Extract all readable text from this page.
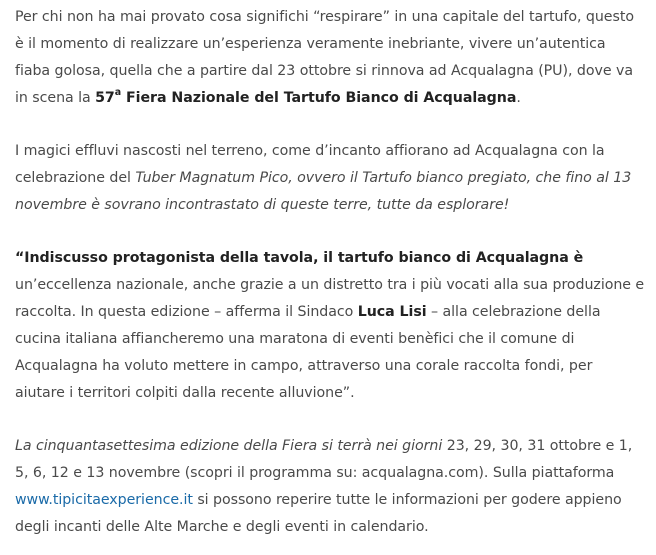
Per chi non ha mai provato cosa significhi “respirare” in una capitale del tartufo, questo è il momento di realizzare un’esperienza veramente inebriante, vivere un’autentica fiaba golosa, quella che a partire dal 23 ottobre si rinnova ad Acqualagna (PU), dove va in scena la 57$^a$ Fiera Nazionale del Tartufo Bianco di Acqualagna.

I magici effluvi nascosti nel terreno, come d’incanto affiorano ad Acqualagna con la celebrazione del Tuber Magnatum Pico, ovvero il Tartufo bianco pregiato, che fino al 13 novembre è sovrano incontrastato di queste terre, tutte da esplorare!

“Indiscusso protagonista della tavola, il tartufo bianco di Acqualagna è un’eccellenza nazionale, anche grazie a un distretto tra i più vocati alla sua produzione e raccolta. In questa edizione – afferma il Sindaco Luca Lisi – alla celebrazione della cucina italiana affiancheremo una maratona di eventi benèfici che il comune di Acqualagna ha voluto mettere in campo, attraverso una corale raccolta fondi, per aiutare i territori colpiti dalla recente alluvione”.

La cinquantasettesima edizione della Fiera si terrà nei giorni 23, 29, 30, 31 ottobre e 1, 5, 6, 12 e 13 novembre (scopri il programma su: acqualagna.com). Sulla piattaforma www.tipicitaexperience.it si possono reperire tutte le informazioni per godere appieno degli incanti delle Alte Marche e degli eventi in calendario.
